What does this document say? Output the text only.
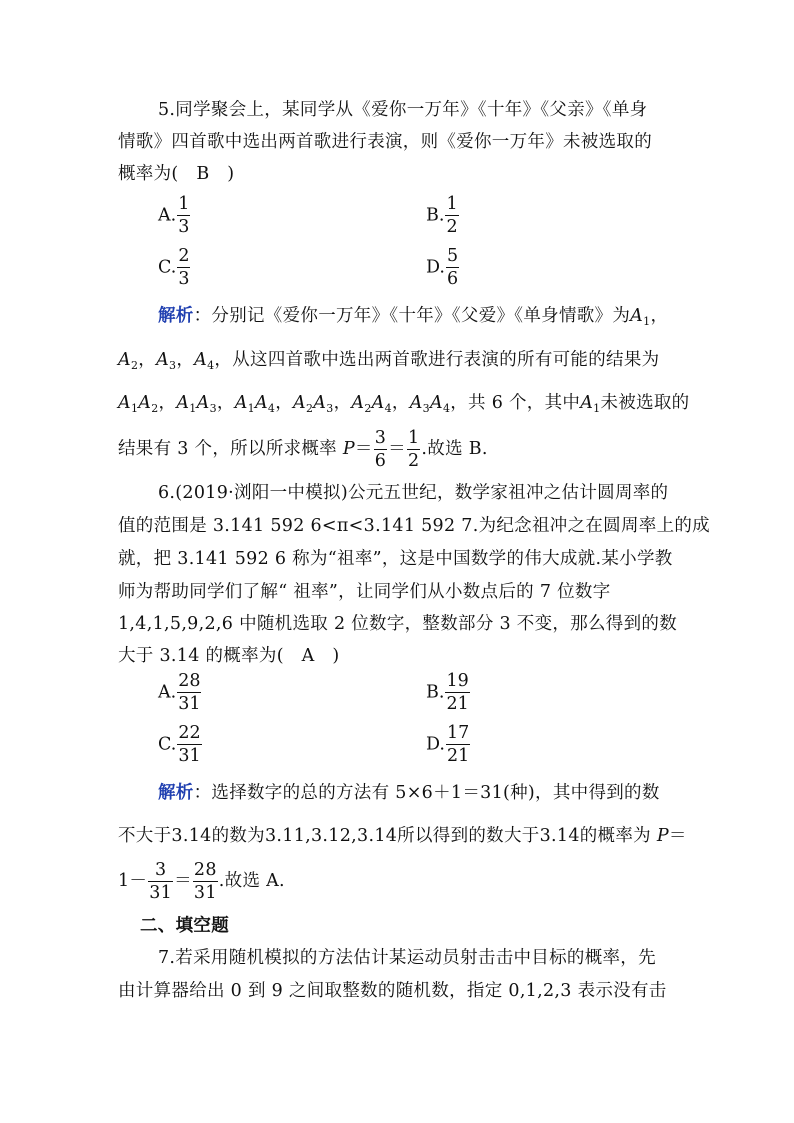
5.同学聚会上，某同学从《爱你一万年》《十年》《父亲》《单身
情歌》四首歌中选出两首歌进行表演，则《爱你一万年》未被选取的
概率为(　B　)
A. $\frac{1}{3}$	B. $\frac{1}{2}$
C. $\frac{2}{3}$	D. $\frac{5}{6}$
解析：分别记《爱你一万年》《十年》《父爱》《单身情歌》为$A_1$，
$A_2$，$A_3$，$A_4$，从这四首歌中选出两首歌进行表演的所有可能的结果为
$A_1A_2$，$A_1A_3$，$A_1A_4$，$A_2A_3$，$A_2A_4$，$A_3A_4$，共 6 个，其中$A_1$未被选取的
结果有 3 个，所以所求概率 $P= \frac{3}{6} = \frac{1}{2}$ .故选 B.
6.(2019·浏阳一中模拟)公元五世纪，数学家祖冲之估计圆周率的
值的范围是 3.141 592 6<π<3.141 592 7.为纪念祖冲之在圆周率上的成
就，把 3.141 592 6 称为“祖率”，这是中国数学的伟大成就.某小学教
师为帮助同学们了解“ 祖率”，让同学们从小数点后的 7 位数字
1,4,1,5,9,2,6 中随机选取 2 位数字，整数部分 3 不变，那么得到的数
大于 3.14 的概率为(　A　)
A. $\frac{28}{31}$	B. $\frac{19}{21}$
C. $\frac{22}{31}$	D. $\frac{17}{21}$
解析：选择数字的总的方法有 5×6＋1＝31(种)，其中得到的数
不大于3.14的数为3.11,3.12,3.14所以得到的数大于3.14的概率为 P＝
$1- \frac{3}{31} = \frac{28}{31}$ .故选 A.
二、填空题
7.若采用随机模拟的方法估计某运动员射击击中目标的概率，先
由计算器给出 0 到 9 之间取整数的随机数，指定 0,1,2,3 表示没有击
